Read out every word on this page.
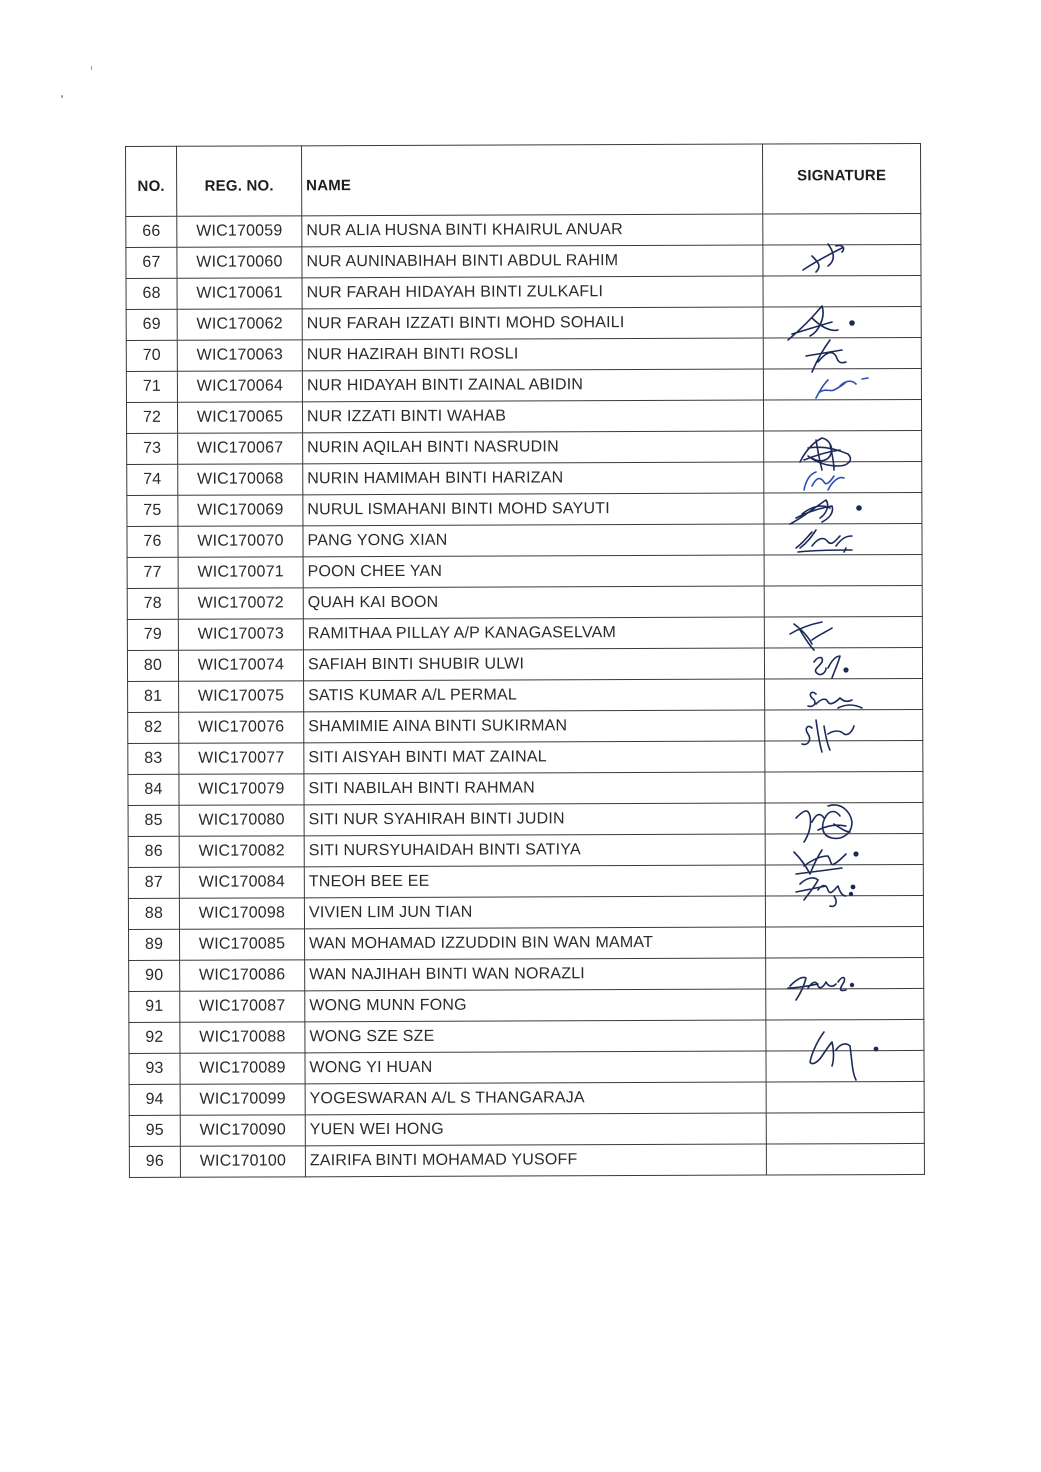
NO.	REG. NO.	NAME	SIGNATURE
66	WIC170059	NUR ALIA HUSNA BINTI KHAIRUL ANUAR	
67	WIC170060	NUR AUNINABIHAH BINTI ABDUL RAHIM	
68	WIC170061	NUR FARAH HIDAYAH BINTI ZULKAFLI	
69	WIC170062	NUR FARAH IZZATI BINTI MOHD SOHAILI	
70	WIC170063	NUR HAZIRAH BINTI ROSLI	
71	WIC170064	NUR HIDAYAH BINTI ZAINAL ABIDIN	
72	WIC170065	NUR IZZATI BINTI WAHAB	
73	WIC170067	NURIN AQILAH BINTI NASRUDIN	
74	WIC170068	NURIN HAMIMAH BINTI HARIZAN	
75	WIC170069	NURUL ISMAHANI BINTI MOHD SAYUTI	
76	WIC170070	PANG YONG XIAN	
77	WIC170071	POON CHEE YAN	
78	WIC170072	QUAH KAI BOON	
79	WIC170073	RAMITHAA PILLAY A/P KANAGASELVAM	
80	WIC170074	SAFIAH BINTI SHUBIR ULWI	
81	WIC170075	SATIS KUMAR A/L PERMAL	
82	WIC170076	SHAMIMIE AINA BINTI SUKIRMAN	
83	WIC170077	SITI AISYAH BINTI MAT ZAINAL	
84	WIC170079	SITI NABILAH BINTI RAHMAN	
85	WIC170080	SITI NUR SYAHIRAH BINTI JUDIN	
86	WIC170082	SITI NURSYUHAIDAH BINTI SATIYA	
87	WIC170084	TNEOH BEE EE	
88	WIC170098	VIVIEN LIM JUN TIAN	
89	WIC170085	WAN MOHAMAD IZZUDDIN BIN WAN MAMAT	
90	WIC170086	WAN NAJIHAH BINTI WAN NORAZLI	
91	WIC170087	WONG MUNN FONG	
92	WIC170088	WONG SZE SZE	
93	WIC170089	WONG YI HUAN	
94	WIC170099	YOGESWARAN A/L S THANGARAJA	
95	WIC170090	YUEN WEI HONG	
96	WIC170100	ZAIRIFA BINTI MOHAMAD YUSOFF	
